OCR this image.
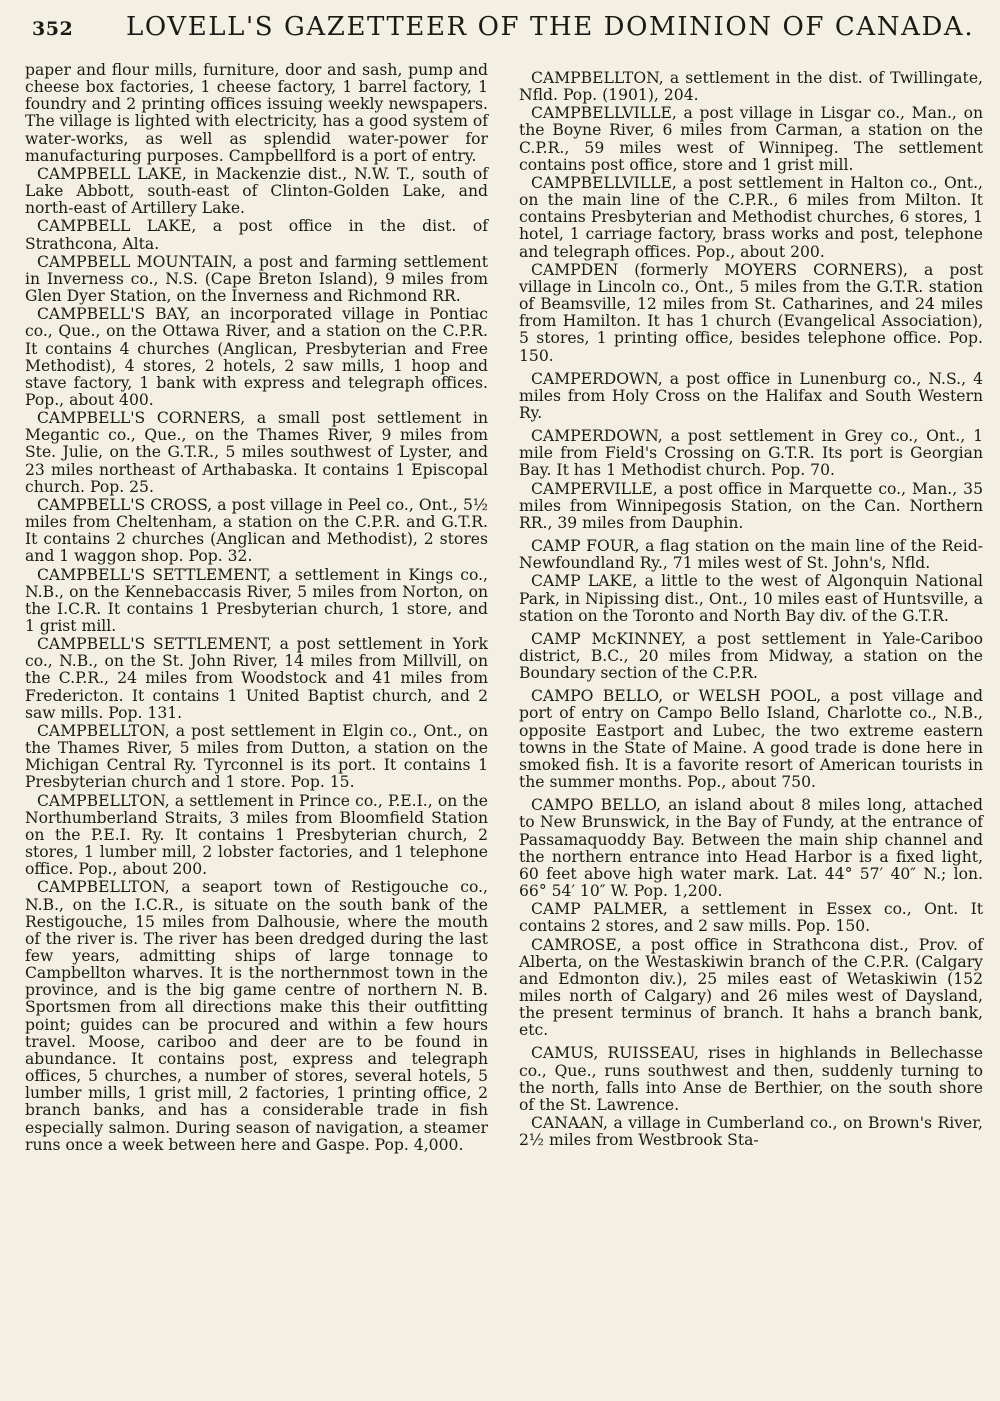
352 LOVELL'S GAZETTEER OF THE DOMINION OF CANADA.

paper and flour mills, furniture, door and sash, pump and cheese box factories, 1 cheese factory, 1 barrel factory, 1 foundry and 2 printing offices issuing weekly newspapers. The village is lighted with electricity, has a good system of water-works, as well as splendid water-power for manufacturing purposes. Campbellford is a port of entry.

CAMPBELL LAKE, in Mackenzie dist., N.W. T., south of Lake Abbott, south-east of Clinton-Golden Lake, and north-east of Artillery Lake.

CAMPBELL LAKE, a post office in the dist. of Strathcona, Alta.

CAMPBELL MOUNTAIN, a post and farming settlement in Inverness co., N.S. (Cape Breton Island), 9 miles from Glen Dyer Station, on the Inverness and Richmond RR.

CAMPBELL'S BAY, an incorporated village in Pontiac co., Que., on the Ottawa River, and a station on the C.P.R. It contains 4 churches (Anglican, Presbyterian and Free Methodist), 4 stores, 2 hotels, 2 saw mills, 1 hoop and stave factory, 1 bank with express and telegraph offices. Pop., about 400.

CAMPBELL'S CORNERS, a small post settlement in Megantic co., Que., on the Thames River, 9 miles from Ste. Julie, on the G.T.R., 5 miles southwest of Lyster, and 23 miles northeast of Arthabaska. It contains 1 Episcopal church. Pop. 25.

CAMPBELL'S CROSS, a post village in Peel co., Ont., 5½ miles from Cheltenham, a station on the C.P.R. and G.T.R. It contains 2 churches (Anglican and Methodist), 2 stores and 1 waggon shop. Pop. 32.

CAMPBELL'S SETTLEMENT, a settlement in Kings co., N.B., on the Kennebaccasis River, 5 miles from Norton, on the I.C.R. It contains 1 Presbyterian church, 1 store, and 1 grist mill.

CAMPBELL'S SETTLEMENT, a post settlement in York co., N.B., on the St. John River, 14 miles from Millvill, on the C.P.R., 24 miles from Woodstock and 41 miles from Fredericton. It contains 1 United Baptist church, and 2 saw mills. Pop. 131.

CAMPBELLTON, a post settlement in Elgin co., Ont., on the Thames River, 5 miles from Dutton, a station on the Michigan Central Ry. Tyrconnel is its port. It contains 1 Presbyterian church and 1 store. Pop. 15.

CAMPBELLTON, a settlement in Prince co., P.E.I., on the Northumberland Straits, 3 miles from Bloomfield Station on the P.E.I. Ry. It contains 1 Presbyterian church, 2 stores, 1 lumber mill, 2 lobster factories, and 1 telephone office. Pop., about 200.

CAMPBELLTON, a seaport town of Restigouche co., N.B., on the I.C.R., is situate on the south bank of the Restigouche, 15 miles from Dalhousie, where the mouth of the river is. The river has been dredged during the last few years, admitting ships of large tonnage to Campbellton wharves. It is the northernmost town in the province, and is the big game centre of northern N. B. Sportsmen from all directions make this their outfitting point; guides can be procured and within a few hours travel. Moose, cariboo and deer are to be found in abundance. It contains post, express and telegraph offices, 5 churches, a number of stores, several hotels, 5 lumber mills, 1 grist mill, 2 factories, 1 printing office, 2 branch banks, and has a considerable trade in fish especially salmon. During season of navigation, a steamer runs once a week between here and Gaspe. Pop. 4,000.

CAMPBELLTON, a settlement in the dist. of Twillingate, Nfld. Pop. (1901), 204.

CAMPBELLVILLE, a post village in Lisgar co., Man., on the Boyne River, 6 miles from Carman, a station on the C.P.R., 59 miles west of Winnipeg. The settlement contains post office, store and 1 grist mill.

CAMPBELLVILLE, a post settlement in Halton co., Ont., on the main line of the C.P.R., 6 miles from Milton. It contains Presbyterian and Methodist churches, 6 stores, 1 hotel, 1 carriage factory, brass works and post, telephone and telegraph offices. Pop., about 200.

CAMPDEN (formerly MOYERS CORNERS), a post village in Lincoln co., Ont., 5 miles from the G.T.R. station of Beamsville, 12 miles from St. Catharines, and 24 miles from Hamilton. It has 1 church (Evangelical Association), 5 stores, 1 printing office, besides telephone office. Pop. 150.

CAMPERDOWN, a post office in Lunenburg co., N.S., 4 miles from Holy Cross on the Halifax and South Western Ry.

CAMPERDOWN, a post settlement in Grey co., Ont., 1 mile from Field's Crossing on G.T.R. Its port is Georgian Bay. It has 1 Methodist church. Pop. 70.

CAMPERVILLE, a post office in Marquette co., Man., 35 miles from Winnipegosis Station, on the Can. Northern RR., 39 miles from Dauphin.

CAMP FOUR, a flag station on the main line of the Reid-Newfoundland Ry., 71 miles west of St. John's, Nfld.

CAMP LAKE, a little to the west of Algonquin National Park, in Nipissing dist., Ont., 10 miles east of Huntsville, a station on the Toronto and North Bay div. of the G.T.R.

CAMP McKINNEY, a post settlement in Yale-Cariboo district, B.C., 20 miles from Midway, a station on the Boundary section of the C.P.R.

CAMPO BELLO, or WELSH POOL, a post village and port of entry on Campo Bello Island, Charlotte co., N.B., opposite Eastport and Lubec, the two extreme eastern towns in the State of Maine. A good trade is done here in smoked fish. It is a favorite resort of American tourists in the summer months. Pop., about 750.

CAMPO BELLO, an island about 8 miles long, attached to New Brunswick, in the Bay of Fundy, at the entrance of Passamaquoddy Bay. Between the main ship channel and the northern entrance into Head Harbor is a fixed light, 60 feet above high water mark. Lat. 44° 57′ 40″ N.; lon. 66° 54′ 10″ W. Pop. 1,200.

CAMP PALMER, a settlement in Essex co., Ont. It contains 2 stores, and 2 saw mills. Pop. 150.

CAMROSE, a post office in Strathcona dist., Prov. of Alberta, on the Westaskiwin branch of the C.P.R. (Calgary and Edmonton div.), 25 miles east of Wetaskiwin (152 miles north of Calgary) and 26 miles west of Daysland, the present terminus of branch. It hahs a branch bank, etc.

CAMUS, RUISSEAU, rises in highlands in Bellechasse co., Que., runs southwest and then, suddenly turning to the north, falls into Anse de Berthier, on the south shore of the St. Lawrence.

CANAAN, a village in Cumberland co., on Brown's River, 2½ miles from Westbrook Sta-
